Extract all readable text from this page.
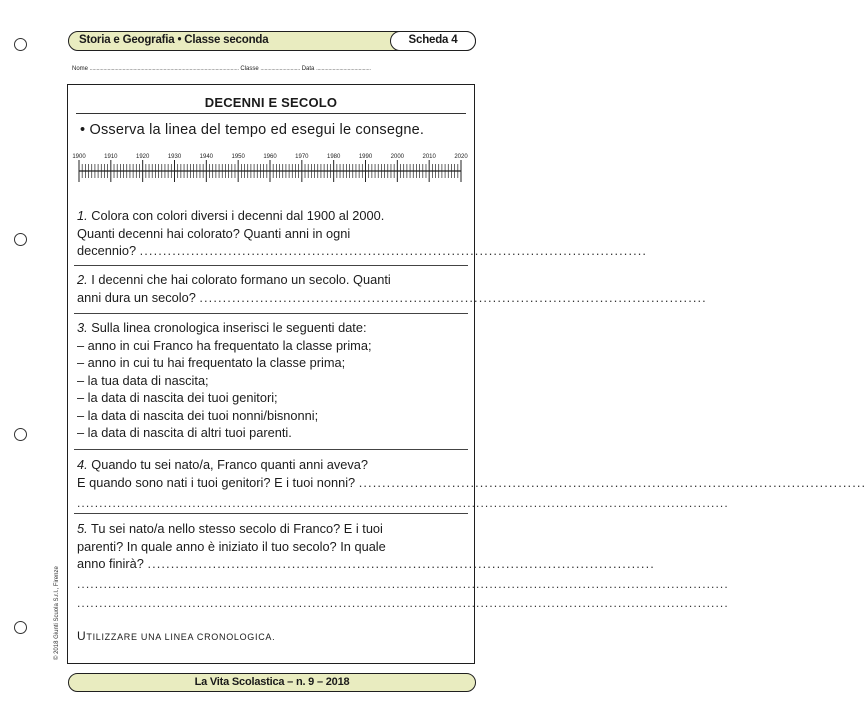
Storia e Geografia • Classe seconda	Scheda 4
Nome ............................................................................................................. Classe ............................. Data ........................................
© 2018 Giunti Scuola S.r.l., Firenze
DECENNI E SECOLO
• Osserva la linea del tempo ed esegui le consegne.
1900	1910	1920	1930	1940	1950	1960	1970	1980	1990	2000	2010	2020

1. Colora con colori diversi i decenni dal 1900 al 2000.

Quanti decenni hai colorato? Quanti anni in ogni

decennio? .............................................................................................................

2. I decenni che hai colorato formano un secolo. Quanti

anni dura un secolo? .............................................................................................................

3. Sulla linea cronologica inserisci le seguenti date:

– anno in cui Franco ha frequentato la classe prima;

– anno in cui tu hai frequentato la classe prima;

– la tua data di nascita;

– la data di nascita dei tuoi genitori;

– la data di nascita dei tuoi nonni/bisnonni;

– la data di nascita di altri tuoi parenti.

4. Quando tu sei nato/a, Franco quanti anni aveva?

E quando sono nati i tuoi genitori? E i tuoi nonni? .............................................................................................................

...................................................................................................................................................

5. Tu sei nato/a nello stesso secolo di Franco? E i tuoi

parenti? In quale anno è iniziato il tuo secolo? In quale

anno finirà? .............................................................................................................

...................................................................................................................................................
...................................................................................................................................................
UTILIZZARE UNA LINEA CRONOLOGICA.
La Vita Scolastica – n. 9 – 2018
